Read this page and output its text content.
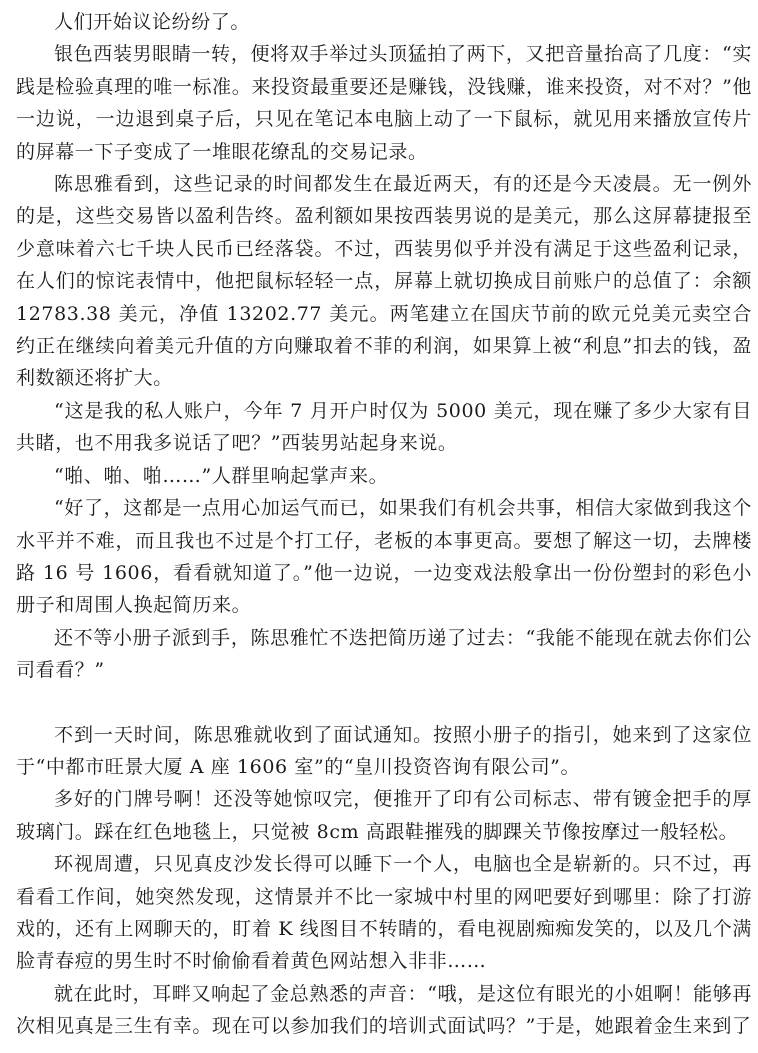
人们开始议论纷纷了。

银色西装男眼睛一转，便将双手举过头顶猛拍了两下，又把音量抬高了几度：“实践是检验真理的唯一标准。来投资最重要还是赚钱，没钱赚，谁来投资，对不对？”他一边说，一边退到桌子后，只见在笔记本电脑上动了一下鼠标，就见用来播放宣传片的屏幕一下子变成了一堆眼花缭乱的交易记录。

陈思雅看到，这些记录的时间都发生在最近两天，有的还是今天凌晨。无一例外的是，这些交易皆以盈利告终。盈利额如果按西装男说的是美元，那么这屏幕捷报至少意味着六七千块人民币已经落袋。不过，西装男似乎并没有满足于这些盈利记录，在人们的惊诧表情中，他把鼠标轻轻一点，屏幕上就切换成目前账户的总值了：余额 12783.38 美元，净值 13202.77 美元。两笔建立在国庆节前的欧元兑美元卖空合约正在继续向着美元升值的方向赚取着不菲的利润，如果算上被“利息”扣去的钱，盈利数额还将扩大。

“这是我的私人账户，今年 7 月开户时仅为 5000 美元，现在赚了多少大家有目共睹，也不用我多说话了吧？”西装男站起身来说。

“啪、啪、啪……”人群里响起掌声来。

“好了，这都是一点用心加运气而已，如果我们有机会共事，相信大家做到我这个水平并不难，而且我也不过是个打工仔，老板的本事更高。要想了解这一切，去牌楼路 16 号 1606，看看就知道了。”他一边说，一边变戏法般拿出一份份塑封的彩色小册子和周围人换起简历来。

还不等小册子派到手，陈思雅忙不迭把简历递了过去：“我能不能现在就去你们公司看看？”

不到一天时间，陈思雅就收到了面试通知。按照小册子的指引，她来到了这家位于“中都市旺景大厦 A 座 1606 室”的“皇川投资咨询有限公司”。

多好的门牌号啊！还没等她惊叹完，便推开了印有公司标志、带有镀金把手的厚玻璃门。踩在红色地毯上，只觉被 8cm 高跟鞋摧残的脚踝关节像按摩过一般轻松。

环视周遭，只见真皮沙发长得可以睡下一个人，电脑也全是崭新的。只不过，再看看工作间，她突然发现，这情景并不比一家城中村里的网吧要好到哪里：除了打游戏的，还有上网聊天的，盯着 K 线图目不转睛的，看电视剧痴痴发笑的，以及几个满脸青春痘的男生时不时偷偷看着黄色网站想入非非……

就在此时，耳畔又响起了金总熟悉的声音：“哦，是这位有眼光的小姐啊！能够再次相见真是三生有幸。现在可以参加我们的培训式面试吗？”于是，她跟着金生来到了
